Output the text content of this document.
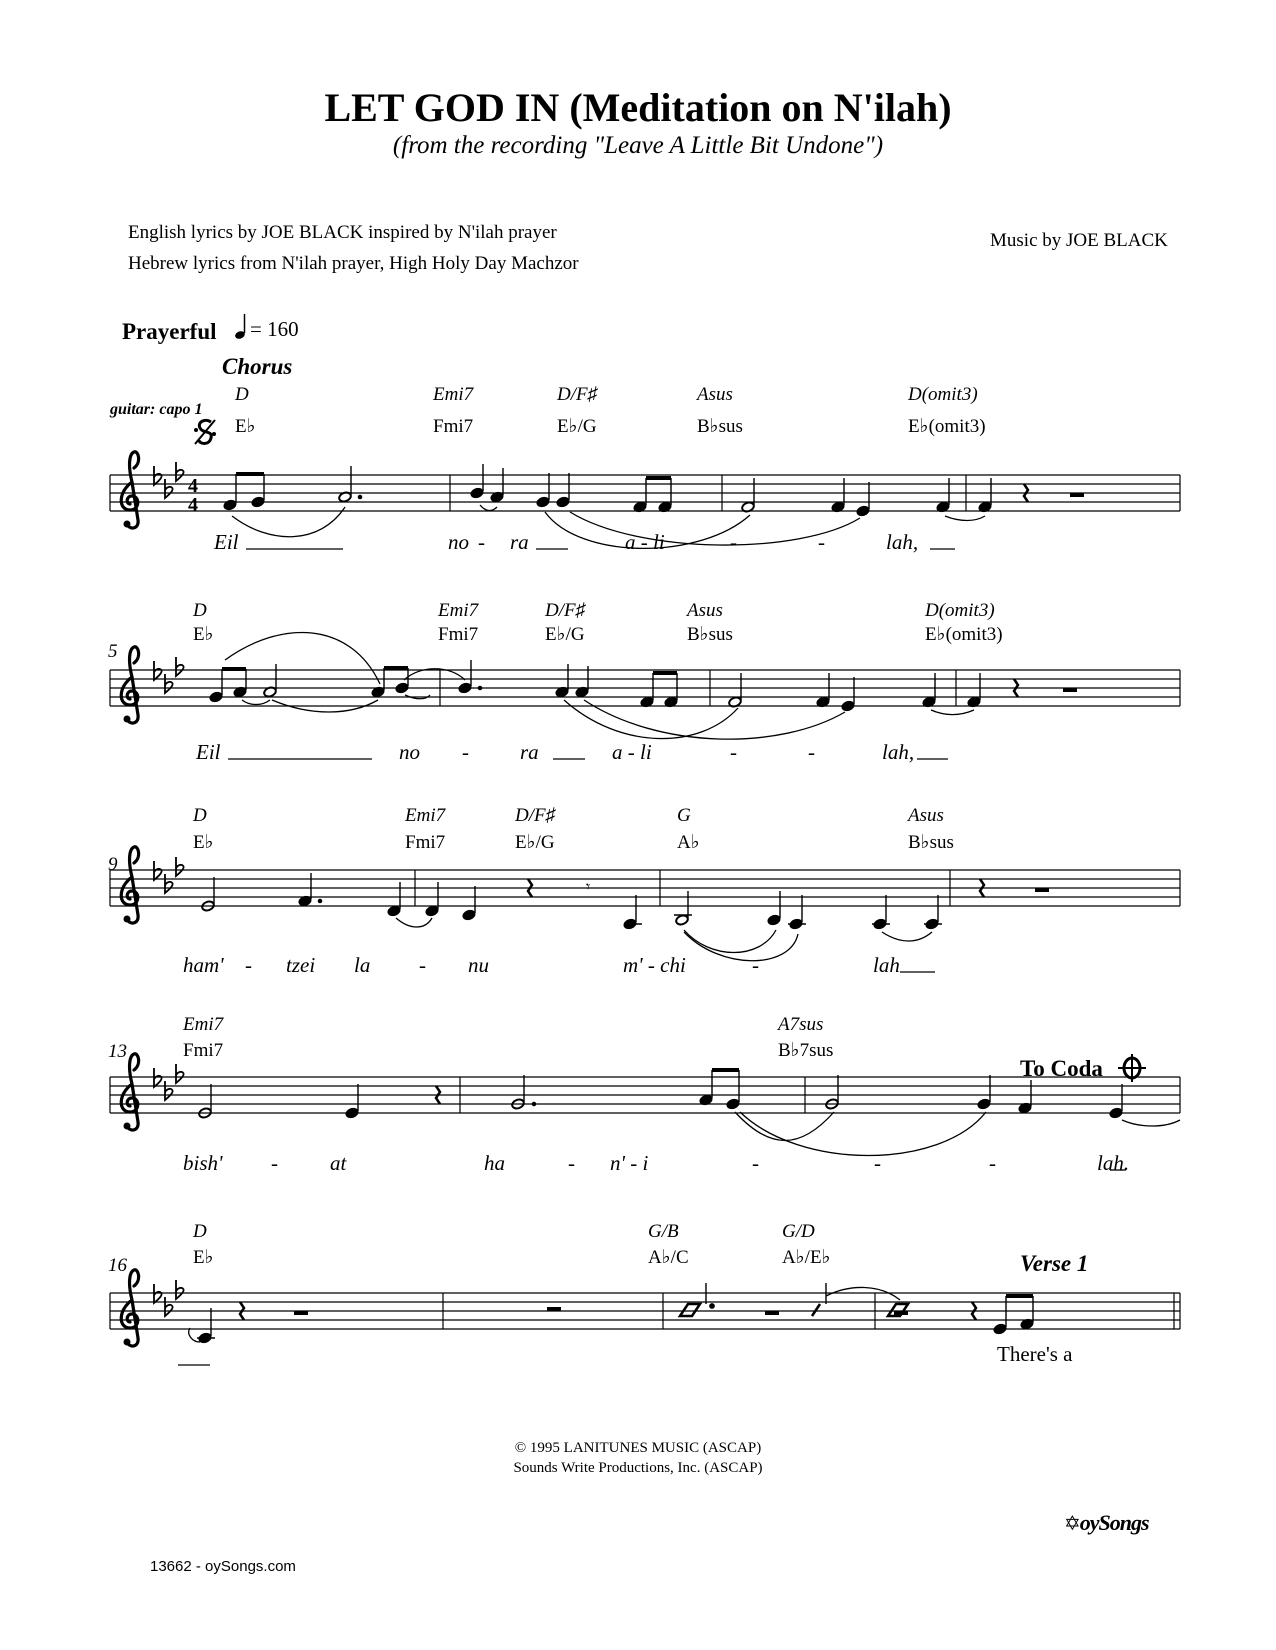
LET GOD IN (Meditation on N'ilah)
(from the recording "Leave A Little Bit Undone")
English lyrics by JOE BLACK inspired by N'ilah prayer
Hebrew lyrics from N'ilah prayer, High Holy Day Machzor
Music by JOE BLACK
Prayerful = 160
Chorus
guitar: capo 1
4
4
5
9
𝄾
13
To Coda
16	Verse 1
D	Emi7	D/F♯	Asus	D(omit3)
E♭	Fmi7	E♭/G	B♭sus	E♭(omit3)
D	Emi7	D/F♯	Asus	D(omit3)
E♭	Fmi7	E♭/G	B♭sus	E♭(omit3)
D	Emi7	D/F♯	G	Asus
E♭	Fmi7	E♭/G	A♭	B♭sus
Emi7	A7sus
Fmi7	B♭7sus
D	G/B	G/D
E♭	A♭/C	A♭/E♭
Eil	no - ra	a - li	-	-	lah,
Eil	no - ra	a - li	-	-	lah,
ham' - tzei la - nu	m' - chi	-	lah
bish' - at	ha	- n' - i	-	-	-	lah.
There's a
© 1995 LANITUNES MUSIC (ASCAP)
Sounds Write Productions, Inc. (ASCAP)
13662 - oySongs.com
✡oySongs
